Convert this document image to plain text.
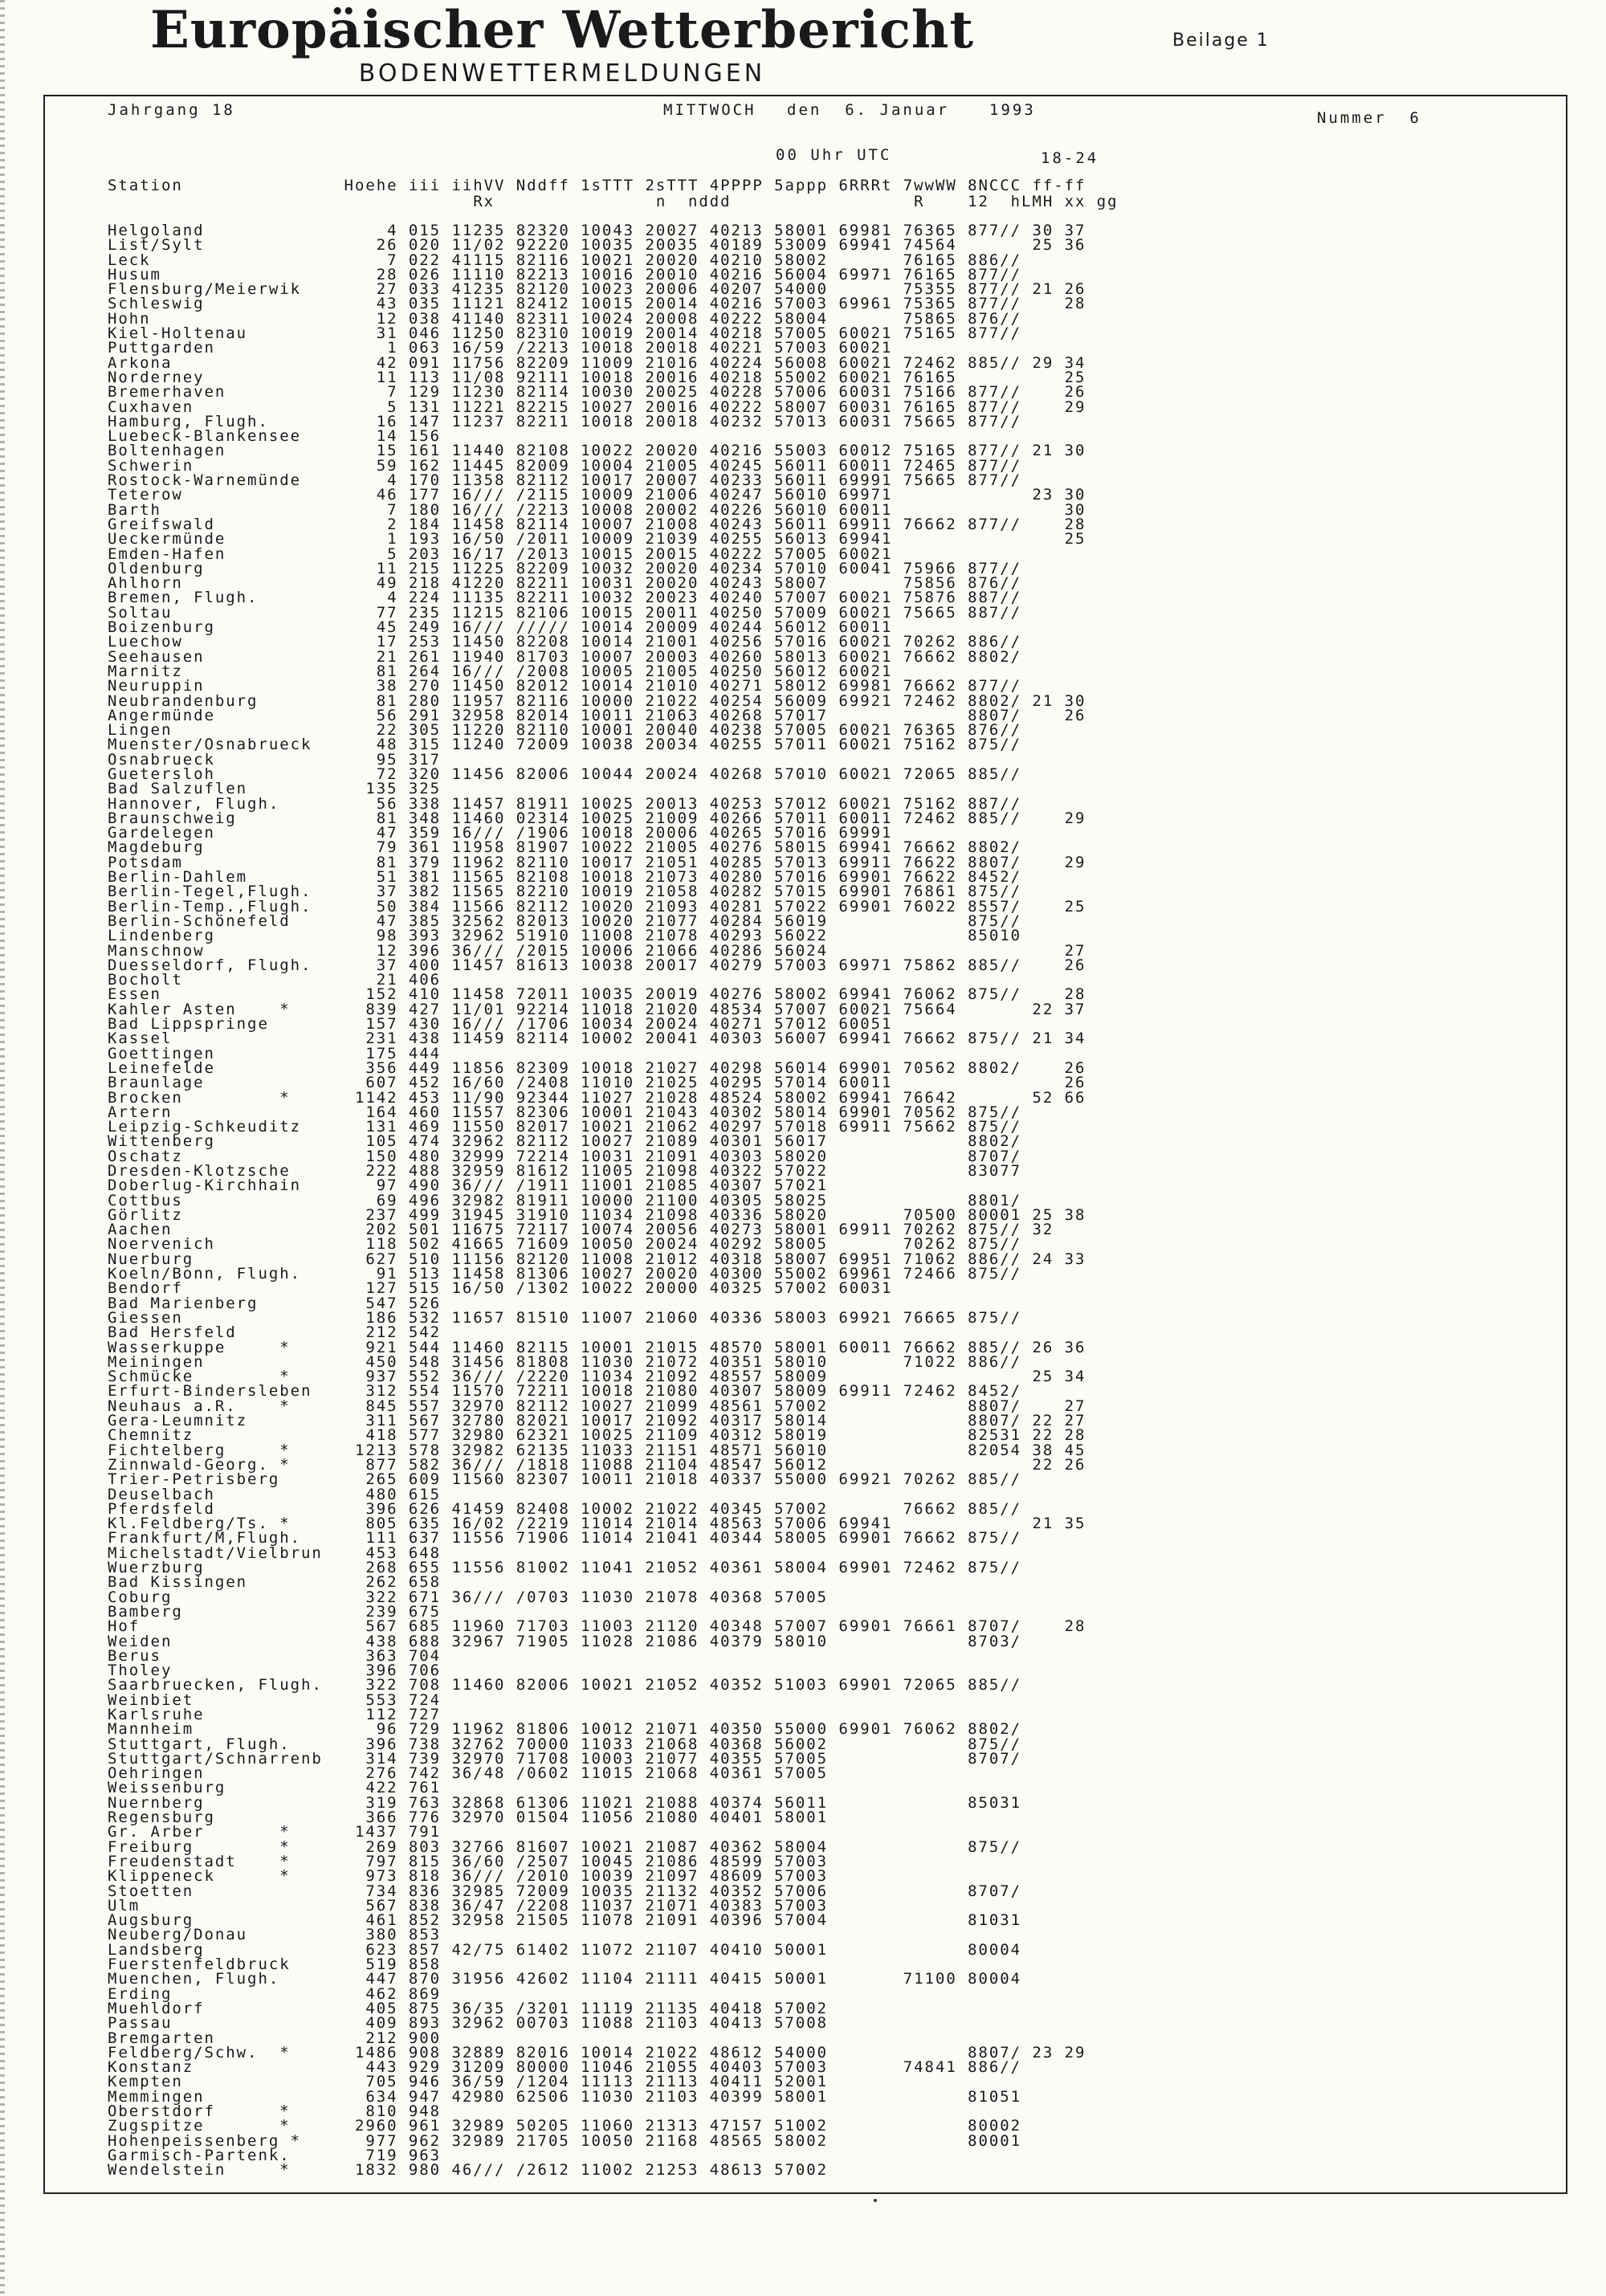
Europäischer Wetterbericht	Beilage 1
BODENWETTERMELDUNGEN
Jahrgang 18	MITTWOCH den  6. Januar	1993	Nummer  6
00 Uhr UTC	18-24
Station               Hoehe iii iihVV Nddff 1sTTT 2sTTT 4PPPP 5appp 6RRRt 7wwWW 8NCCC ff-ff
Rx               n  nddd                 R    12  hLMH xx gg
Helgoland                 4 015 11235 82320 10043 20027 40213 58001 69981 76365 877// 30 37
List/Sylt                26 020 11/02 92220 10035 20035 40189 53009 69941 74564       25 36
Leck                      7 022 41115 82116 10021 20020 40210 58002       76165 886//
Husum                    28 026 11110 82213 10016 20010 40216 56004 69971 76165 877//
Flensburg/Meierwik       27 033 41235 82120 10023 20006 40207 54000       75355 877// 21 26
Schleswig                43 035 11121 82412 10015 20014 40216 57003 69961 75365 877//    28
Hohn                     12 038 41140 82311 10024 20008 40222 58004       75865 876//
Kiel-Holtenau            31 046 11250 82310 10019 20014 40218 57005 60021 75165 877//
Puttgarden                1 063 16/59 /2213 10018 20018 40221 57003 60021
Arkona                   42 091 11756 82209 11009 21016 40224 56008 60021 72462 885// 29 34
Norderney                11 113 11/08 92111 10018 20016 40218 55002 60021 76165          25
Bremerhaven               7 129 11230 82114 10030 20025 40228 57006 60031 75166 877//    26
Cuxhaven                  5 131 11221 82215 10027 20016 40222 58007 60031 76165 877//    29
Hamburg, Flugh.          16 147 11237 82211 10018 20018 40232 57013 60031 75665 877//
Luebeck-Blankensee       14 156
Boltenhagen              15 161 11440 82108 10022 20020 40216 55003 60012 75165 877// 21 30
Schwerin                 59 162 11445 82009 10004 21005 40245 56011 60011 72465 877//
Rostock-Warnemünde        4 170 11358 82112 10017 20007 40233 56011 69991 75665 877//
Teterow                  46 177 16/// /2115 10009 21006 40247 56010 69971             23 30
Barth                     7 180 16/// /2213 10008 20002 40226 56010 60011                30
Greifswald                2 184 11458 82114 10007 21008 40243 56011 69911 76662 877//    28
Ueckermünde               1 193 16/50 /2011 10009 21039 40255 56013 69941                25
Emden-Hafen               5 203 16/17 /2013 10015 20015 40222 57005 60021
Oldenburg                11 215 11225 82209 10032 20020 40234 57010 60041 75966 877//
Ahlhorn                  49 218 41220 82211 10031 20020 40243 58007       75856 876//
Bremen, Flugh.            4 224 11135 82211 10032 20023 40240 57007 60021 75876 887//
Soltau                   77 235 11215 82106 10015 20011 40250 57009 60021 75665 887//
Boizenburg               45 249 16/// ///// 10014 20009 40244 56012 60011
Luechow                  17 253 11450 82208 10014 21001 40256 57016 60021 70262 886//
Seehausen                21 261 11940 81703 10007 20003 40260 58013 60021 76662 8802/
Marnitz                  81 264 16/// /2008 10005 21005 40250 56012 60021
Neuruppin                38 270 11450 82012 10014 21010 40271 58012 69981 76662 877//
Neubrandenburg           81 280 11957 82116 10000 21022 40254 56009 69921 72462 8802/ 21 30
Angermünde               56 291 32958 82014 10011 21063 40268 57017             8807/    26
Lingen                   22 305 11220 82110 10001 20040 40238 57005 60021 76365 876//
Muenster/Osnabrueck      48 315 11240 72009 10038 20034 40255 57011 60021 75162 875//
Osnabrueck               95 317
Guetersloh               72 320 11456 82006 10044 20024 40268 57010 60021 72065 885//
Bad Salzuflen           135 325
Hannover, Flugh.         56 338 11457 81911 10025 20013 40253 57012 60021 75162 887//
Braunschweig             81 348 11460 02314 10025 21009 40266 57011 60011 72462 885//    29
Gardelegen               47 359 16/// /1906 10018 20006 40265 57016 69991
Magdeburg                79 361 11958 81907 10022 21005 40276 58015 69941 76662 8802/
Potsdam                  81 379 11962 82110 10017 21051 40285 57013 69911 76622 8807/    29
Berlin-Dahlem            51 381 11565 82108 10018 21073 40280 57016 69901 76622 8452/
Berlin-Tegel,Flugh.      37 382 11565 82210 10019 21058 40282 57015 69901 76861 875//
Berlin-Temp.,Flugh.      50 384 11566 82112 10020 21093 40281 57022 69901 76022 8557/    25
Berlin-Schönefeld        47 385 32562 82013 10020 21077 40284 56019             875//
Lindenberg               98 393 32962 51910 11008 21078 40293 56022             85010
Manschnow                12 396 36/// /2015 10006 21066 40286 56024                      27
Duesseldorf, Flugh.      37 400 11457 81613 10038 20017 40279 57003 69971 75862 885//    26
Bocholt                  21 406
Essen                   152 410 11458 72011 10035 20019 40276 58002 69941 76062 875//    28
Kahler Asten    *       839 427 11/01 92214 11018 21020 48534 57007 60021 75664       22 37
Bad Lippspringe         157 430 16/// /1706 10034 20024 40271 57012 60051
Kassel                  231 438 11459 82114 10002 20041 40303 56007 69941 76662 875// 21 34
Goettingen              175 444
Leinefelde              356 449 11856 82309 10018 21027 40298 56014 69901 70562 8802/    26
Braunlage               607 452 16/60 /2408 11010 21025 40295 57014 60011                26
Brocken         *      1142 453 11/90 92344 11027 21028 48524 58002 69941 76642       52 66
Artern                  164 460 11557 82306 10001 21043 40302 58014 69901 70562 875//
Leipzig-Schkeuditz      131 469 11550 82017 10021 21062 40297 57018 69911 75662 875//
Wittenberg              105 474 32962 82112 10027 21089 40301 56017             8802/
Oschatz                 150 480 32999 72214 10031 21091 40303 58020             8707/
Dresden-Klotzsche       222 488 32959 81612 11005 21098 40322 57022             83077
Doberlug-Kirchhain       97 490 36/// /1911 11001 21085 40307 57021
Cottbus                  69 496 32982 81911 10000 21100 40305 58025             8801/
Görlitz                 237 499 31945 31910 11034 21098 40336 58020       70500 80001 25 38
Aachen                  202 501 11675 72117 10074 20056 40273 58001 69911 70262 875// 32
Noervenich              118 502 41665 71609 10050 20024 40292 58005       70262 875//
Nuerburg                627 510 11156 82120 11008 21012 40318 58007 69951 71062 886// 24 33
Koeln/Bonn, Flugh.       91 513 11458 81306 10027 20020 40300 55002 69961 72466 875//
Bendorf                 127 515 16/50 /1302 10022 20000 40325 57002 60031
Bad Marienberg          547 526
Giessen                 186 532 11657 81510 11007 21060 40336 58003 69921 76665 875//
Bad Hersfeld            212 542
Wasserkuppe     *       921 544 11460 82115 10001 21015 48570 58001 60011 76662 885// 26 36
Meiningen               450 548 31456 81808 11030 21072 40351 58010       71022 886//
Schmücke        *       937 552 36/// /2220 11034 21092 48557 58009                   25 34
Erfurt-Bindersleben     312 554 11570 72211 10018 21080 40307 58009 69911 72462 8452/
Neuhaus a.R.    *       845 557 32970 82112 10027 21099 48561 57002             8807/    27
Gera-Leumnitz           311 567 32780 82021 10017 21092 40317 58014             8807/ 22 27
Chemnitz                418 577 32980 62321 10025 21109 40312 58019             82531 22 28
Fichtelberg     *      1213 578 32982 62135 11033 21151 48571 56010             82054 38 45
Zinnwald-Georg. *       877 582 36/// /1818 11088 21104 48547 56012                   22 26
Trier-Petrisberg        265 609 11560 82307 10011 21018 40337 55000 69921 70262 885//
Deuselbach              480 615
Pferdsfeld              396 626 41459 82408 10002 21022 40345 57002       76662 885//
Kl.Feldberg/Ts. *       805 635 16/02 /2219 11014 21014 48563 57006 69941             21 35
Frankfurt/M,Flugh.      111 637 11556 71906 11014 21041 40344 58005 69901 76662 875//
Michelstadt/Vielbrun    453 648
Wuerzburg               268 655 11556 81002 11041 21052 40361 58004 69901 72462 875//
Bad Kissingen           262 658
Coburg                  322 671 36/// /0703 11030 21078 40368 57005
Bamberg                 239 675
Hof                     567 685 11960 71703 11003 21120 40348 57007 69901 76661 8707/    28
Weiden                  438 688 32967 71905 11028 21086 40379 58010             8703/
Berus                   363 704
Tholey                  396 706
Saarbruecken, Flugh.    322 708 11460 82006 10021 21052 40352 51003 69901 72065 885//
Weinbiet                553 724
Karlsruhe               112 727
Mannheim                 96 729 11962 81806 10012 21071 40350 55000 69901 76062 8802/
Stuttgart, Flugh.       396 738 32762 70000 11033 21068 40368 56002             875//
Stuttgart/Schnarrenb    314 739 32970 71708 10003 21077 40355 57005             8707/
Oehringen               276 742 36/48 /0602 11015 21068 40361 57005
Weissenburg             422 761
Nuernberg               319 763 32868 61306 11021 21088 40374 56011             85031
Regensburg              366 776 32970 01504 11056 21080 40401 58001
Gr. Arber       *      1437 791
Freiburg        *       269 803 32766 81607 10021 21087 40362 58004             875//
Freudenstadt    *       797 815 36/60 /2507 10045 21086 48599 57003
Klippeneck      *       973 818 36/// /2010 10039 21097 48609 57003
Stoetten                734 836 32985 72009 10035 21132 40352 57006             8707/
Ulm                     567 838 36/47 /2208 11037 21071 40383 57003
Augsburg                461 852 32958 21505 11078 21091 40396 57004             81031
Neuberg/Donau           380 853
Landsberg               623 857 42/75 61402 11072 21107 40410 50001             80004
Fuerstenfeldbruck       519 858
Muenchen, Flugh.        447 870 31956 42602 11104 21111 40415 50001       71100 80004
Erding                  462 869
Muehldorf               405 875 36/35 /3201 11119 21135 40418 57002
Passau                  409 893 32962 00703 11088 21103 40413 57008
Bremgarten              212 900
Feldberg/Schw.  *      1486 908 32889 82016 10014 21022 48612 54000             8807/ 23 29
Konstanz                443 929 31209 80000 11046 21055 40403 57003       74841 886//
Kempten                 705 946 36/59 /1204 11113 21113 40411 52001
Memmingen               634 947 42980 62506 11030 21103 40399 58001             81051
Oberstdorf      *       810 948
Zugspitze       *      2960 961 32989 50205 11060 21313 47157 51002             80002
Hohenpeissenberg *      977 962 32989 21705 10050 21168 48565 58002             80001
Garmisch-Partenk.       719 963
Wendelstein     *      1832 980 46/// /2612 11002 21253 48613 57002
